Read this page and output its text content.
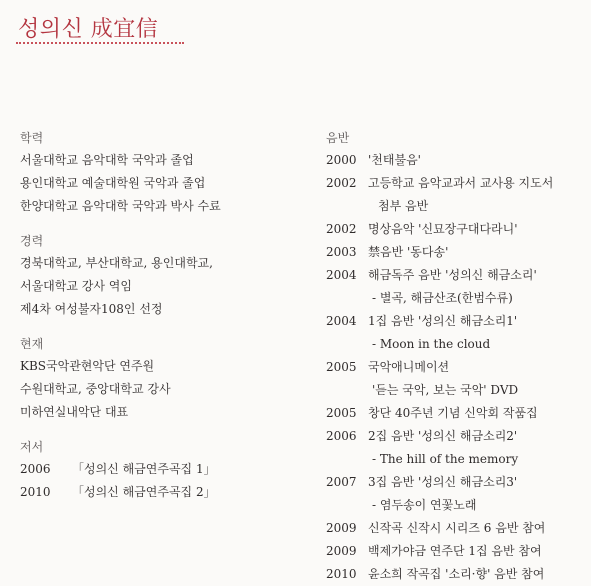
성의신 成宜信
학력
서울대학교 음악대학 국악과 졸업
용인대학교 예술대학원 국악과 졸업
한양대학교 음악대학 국악과 박사 수료
경력
경북대학교, 부산대학교, 용인대학교,
서울대학교 강사 역임
제4차 여성불자108인 선정
현재
KBS국악관현악단 연주원
수원대학교, 중앙대학교 강사
미하연실내악단 대표
저서
2006	「성의신 해금연주곡집 1」
2010	「성의신 해금연주곡집 2」
음반
2000 '천태불음'
2002 고등학교 음악교과서 교사용 지도서
첨부 음반
2002 명상음악 '신묘장구대다라니'
2003 禁음반 '동다송'
2004 해금독주 음반 '성의신 해금소리'
- 별곡, 해금산조(한범수류)
2004 1집 음반 '성의신 해금소리1'
- Moon in the cloud
2005 국악애니메이션
'듣는 국악, 보는 국악' DVD
2005 창단 40주년 기념 신악회 작품집
2006 2집 음반 '성의신 해금소리2'
- The hill of the memory
2007 3집 음반 '성의신 해금소리3'
- 염두송이 연꽃노래
2009 신작곡 신작시 시리즈 6 음반 참여
2009 백제가야금 연주단 1집 음반 참여
2010 윤소희 작곡집 '소리·향' 음반 참여
